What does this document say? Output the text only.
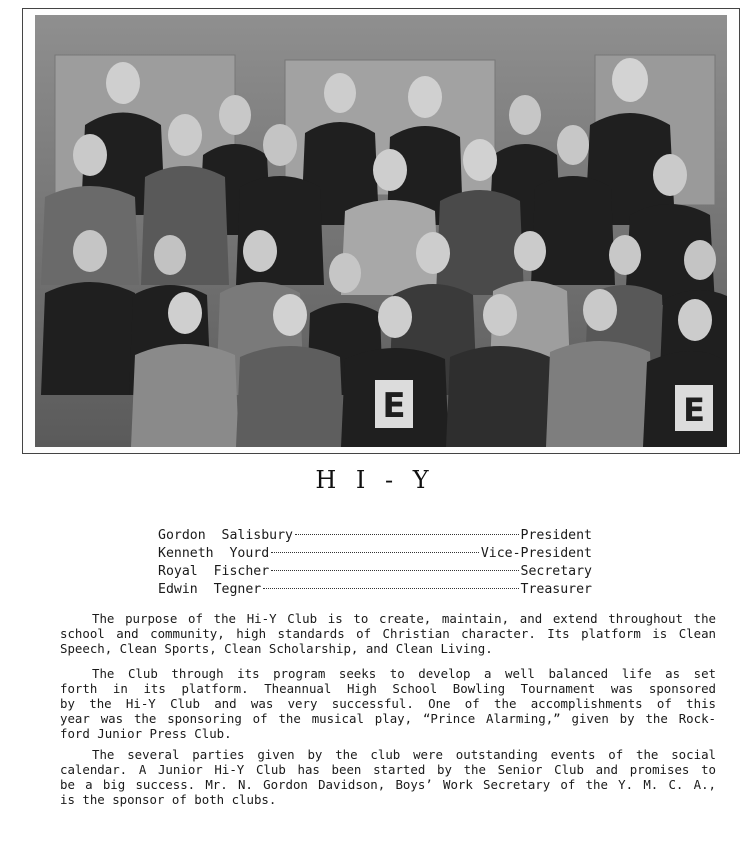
E	E
H I - Y
Gordon  Salisbury	President
Kenneth  Yourd	Vice-President
Royal  Fischer	Secretary
Edwin  Tegner	Treasurer

The purpose of the Hi-Y Club is to create, maintain, and extend throughout the
school and community, high standards of Christian character. Its platform is Clean
Speech, Clean Sports, Clean Scholarship, and Clean Living.

The Club through its program seeks to develop a well balanced life as set
forth in its platform. Theannual High School Bowling Tournament was sponsored
by the Hi-Y Club and was very successful. One of the accomplishments of this
year was the sponsoring of the musical play, “Prince Alarming,” given by the Rock-
ford Junior Press Club.

The several parties given by the club were outstanding events of the social
calendar. A Junior Hi-Y Club has been started by the Senior Club and promises to
be a big success. Mr. N. Gordon Davidson, Boys’ Work Secretary of the Y. M. C. A.,
is the sponsor of both clubs.
